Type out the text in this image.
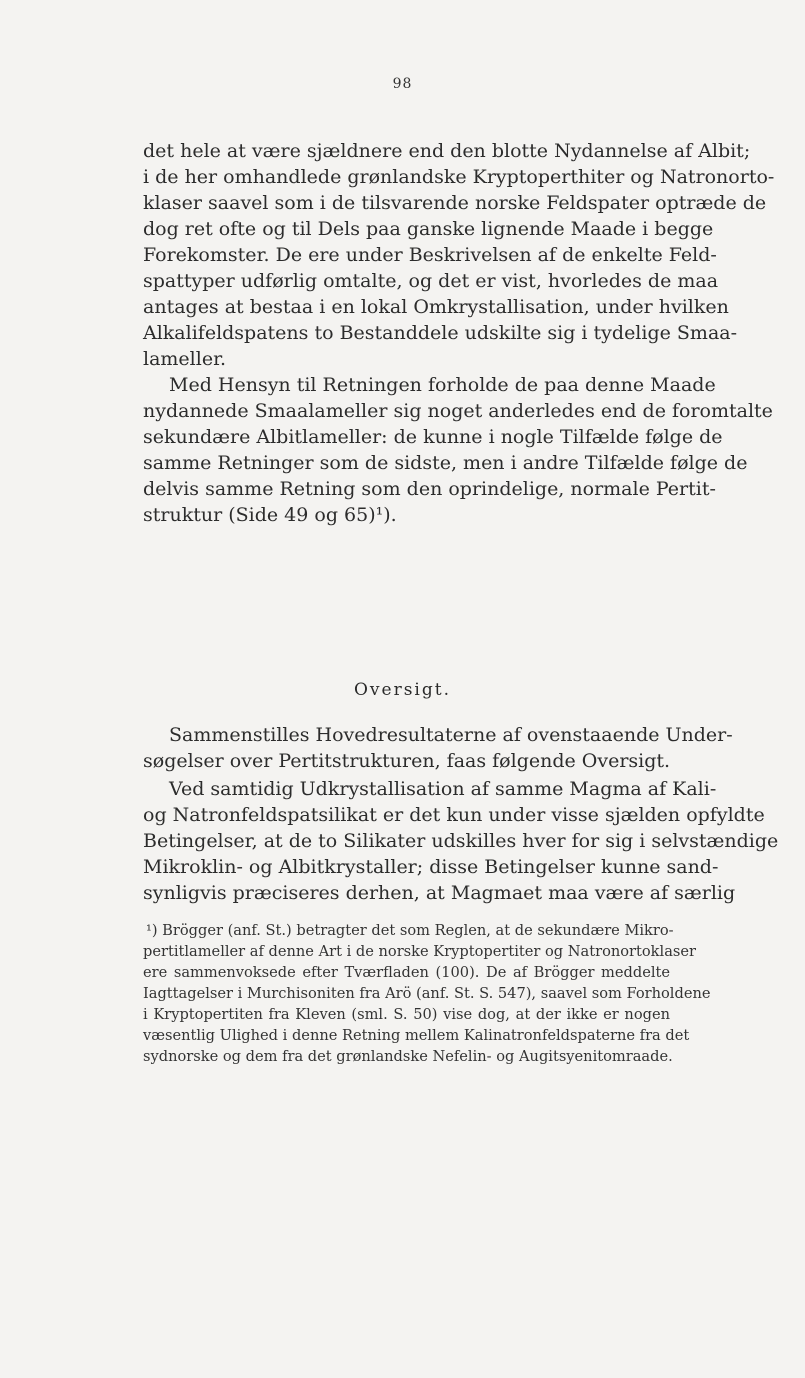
98
det hele at være sjældnere end den blotte Nydannelse af Albit;
i de her omhandlede grønlandske Kryptoperthiter og Natronorto-
klaser saavel som i de tilsvarende norske Feldspater optræde de
dog ret ofte og til Dels paa ganske lignende Maade i begge
Forekomster. De ere under Beskrivelsen af de enkelte Feld-
spattyper udførlig omtalte, og det er vist, hvorledes de maa
antages at bestaa i en lokal Omkrystallisation, under hvilken
Alkalifeldspatens to Bestanddele udskilte sig i tydelige Smaa-
lameller.
Med Hensyn til Retningen forholde de paa denne Maade
nydannede Smaalameller sig noget anderledes end de foromtalte
sekundære Albitlameller: de kunne i nogle Tilfælde følge de
samme Retninger som de sidste, men i andre Tilfælde følge de
delvis samme Retning som den oprindelige, normale Pertit-
struktur (Side 49 og 65)¹).
Oversigt.
Sammenstilles Hovedresultaterne af ovenstaaende Under-
søgelser over Pertitstrukturen, faas følgende Oversigt.
Ved samtidig Udkrystallisation af samme Magma af Kali-
og Natronfeldspatsilikat er det kun under visse sjælden opfyldte
Betingelser, at de to Silikater udskilles hver for sig i selvstændige
Mikroklin- og Albitkrystaller; disse Betingelser kunne sand-
synligvis præciseres derhen, at Magmaet maa være af særlig
¹) Brögger (anf. St.) betragter det som Reglen, at de sekundære Mikro-
pertitlameller af denne Art i de norske Kryptopertiter og Natronortoklaser
ere sammenvoksede efter Tværfladen (100). De af Brögger meddelte
Iagttagelser i Murchisoniten fra Arö (anf. St. S. 547), saavel som Forholdene
i Kryptopertiten fra Kleven (sml. S. 50) vise dog, at der ikke er nogen
væsentlig Ulighed i denne Retning mellem Kalinatronfeldspaterne fra det
sydnorske og dem fra det grønlandske Nefelin- og Augitsyenitomraade.
